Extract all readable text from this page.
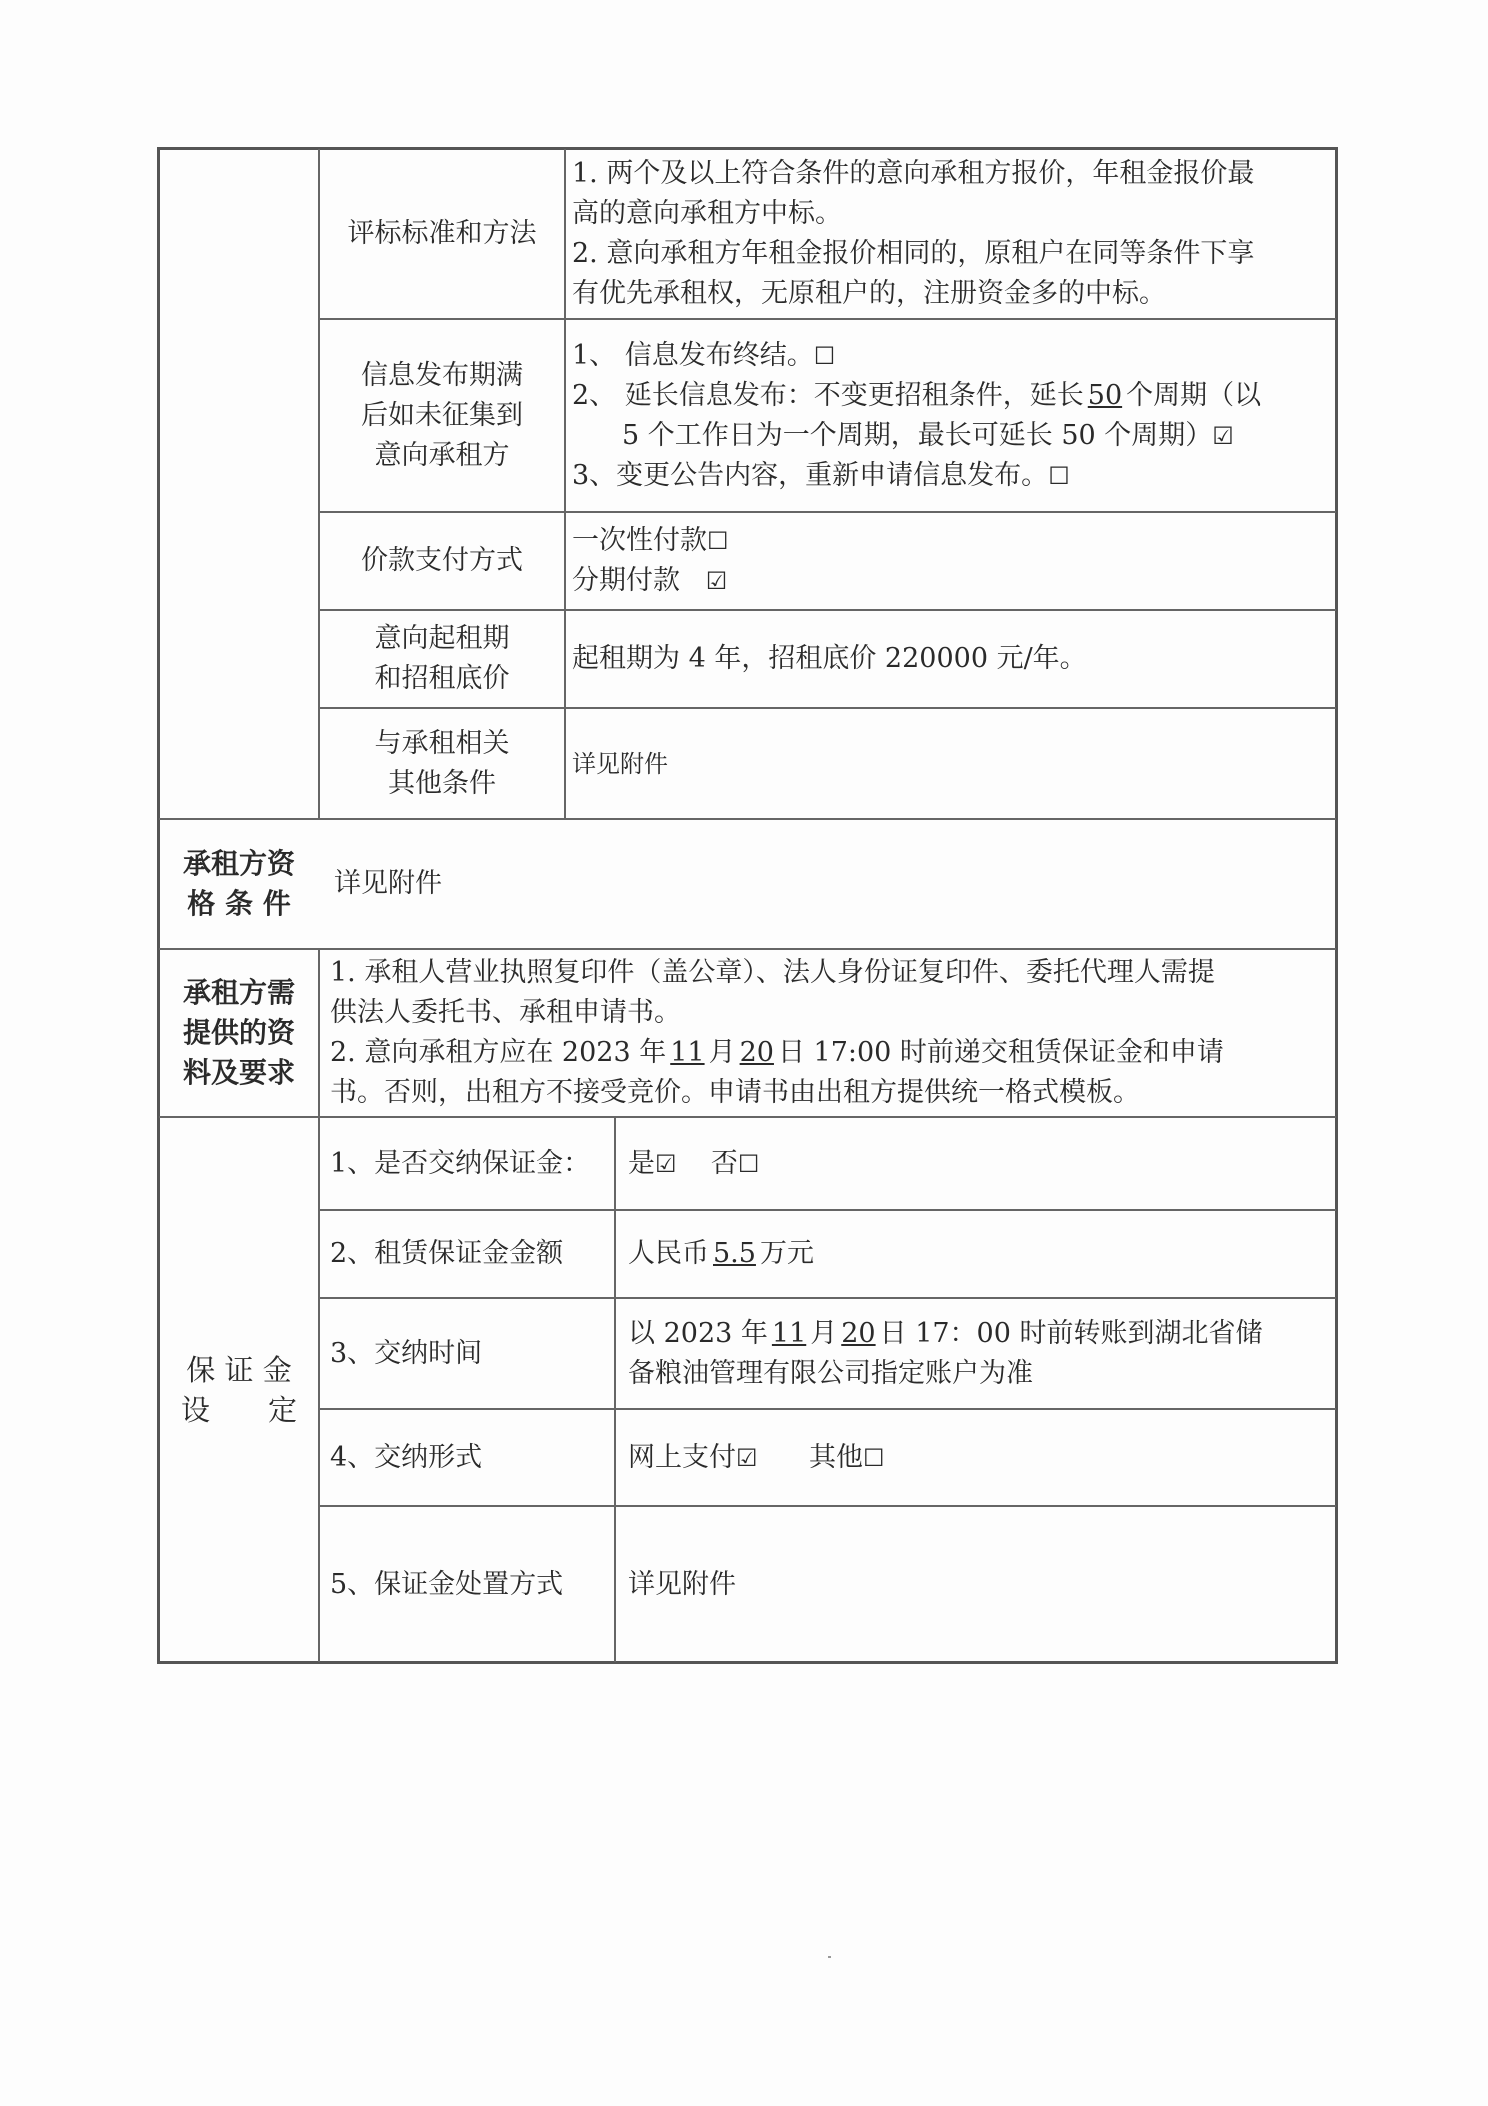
评标标准和方法

1. 两个及以上符合条件的意向承租方报价，年租金报价最

高的意向承租方中标。

2. 意向承租方年租金报价相同的，原租户在同等条件下享

有优先承租权，无原租户的，注册资金多的中标。

信息发布期满

后如未征集到

意向承租方

1、 信息发布终结。☐

2、 延长信息发布：不变更招租条件，延长 50 个周期（以

5 个工作日为一个周期，最长可延长 50 个周期）☑

3、变更公告内容，重新申请信息发布。☐

价款支付方式

一次性付款☐

分期付款 ☑

意向起租期

和招租底价

起租期为 4 年，招租底价 220000 元/年。

与承租相关

其他条件

详见附件

承租方资

格 条 件

详见附件

承租方需

提供的资

料及要求

1. 承租人营业执照复印件（盖公章）、法人身份证复印件、委托代理人需提

供法人委托书、承租申请书。

2. 意向承租方应在 2023 年 11 月 20 日 17:00 时前递交租赁保证金和申请

书。否则，出租方不接受竞价。申请书由出租方提供统一格式模板。

保 证 金

设　　定

1、是否交纳保证金： 是☑ 否☐

2、租赁保证金金额 人民币 5.5 万元

3、交纳时间

以 2023 年 11 月 20 日 17：00 时前转账到湖北省储

备粮油管理有限公司指定账户为准

4、交纳形式	网上支付☑ 其他☐

5、保证金处置方式 详见附件
